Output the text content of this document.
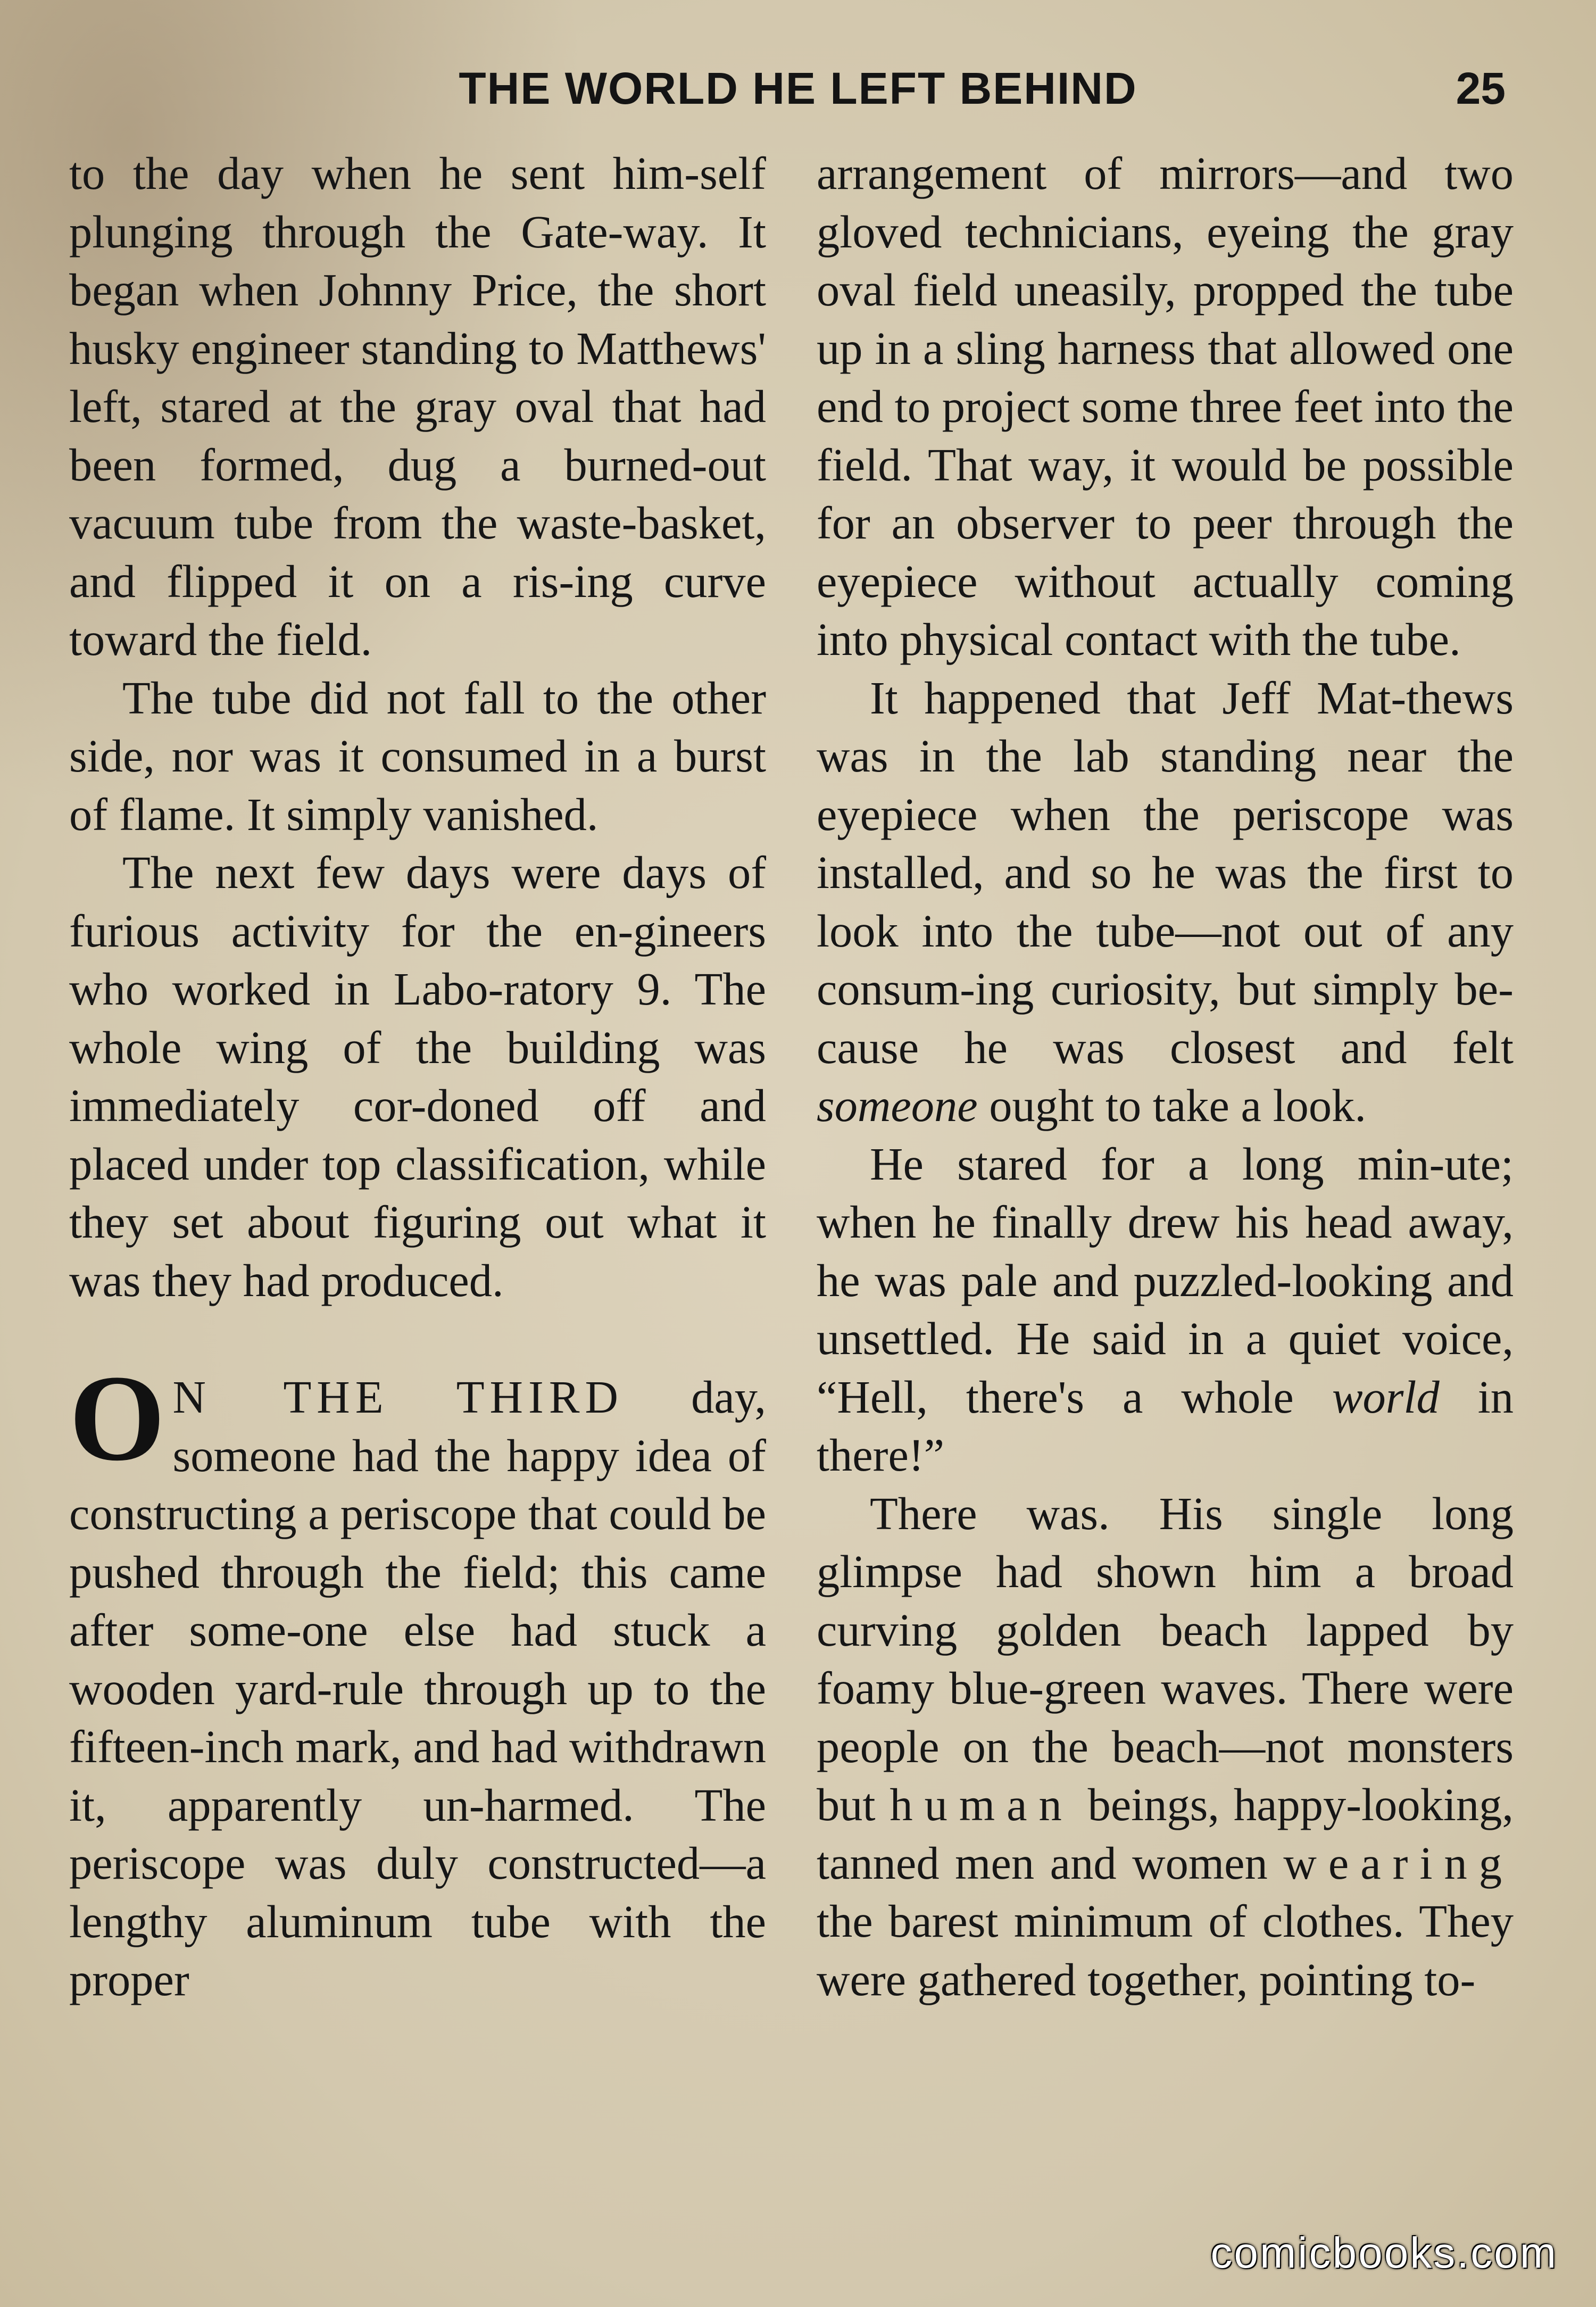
THE WORLD HE LEFT BEHIND	25

to the day when he sent him-self plunging through the Gate-way. It began when Johnny Price, the short husky engineer standing to Matthews' left, stared at the gray oval that had been formed, dug a burned-out vacuum tube from the waste-basket, and flipped it on a ris-ing curve toward the field.

The tube did not fall to the other side, nor was it consumed in a burst of flame. It simply vanished.

The next few days were days of furious activity for the en-gineers who worked in Labo-ratory 9. The whole wing of the building was immediately cor-doned off and placed under top classification, while they set about figuring out what it was they had produced.

O N THE THIRD day, someone had the happy idea of constructing a periscope that could be pushed through the field; this came after some-one else had stuck a wooden yard-rule through up to the fifteen-inch mark, and had withdrawn it, apparently un-harmed. The periscope was duly constructed—a lengthy aluminum tube with the proper

arrangement of mirrors—and two gloved technicians, eyeing the gray oval field uneasily, propped the tube up in a sling harness that allowed one end to project some three feet into the field. That way, it would be possible for an observer to peer through the eyepiece without actually coming into physical contact with the tube.

It happened that Jeff Mat-thews was in the lab standing near the eyepiece when the periscope was installed, and so he was the first to look into the tube—not out of any consum-ing curiosity, but simply be-cause he was closest and felt someone ought to take a look.

He stared for a long min-ute; when he finally drew his head away, he was pale and puzzled-looking and unsettled. He said in a quiet voice, “Hell, there's a whole world in there!”

There was. His single long glimpse had shown him a broad curving golden beach lapped by foamy blue-green waves. There were people on the beach—not monsters but human beings, happy-looking, tanned men and women wearing the barest minimum of clothes. They were gathered together, pointing to-

comicbooks.com
